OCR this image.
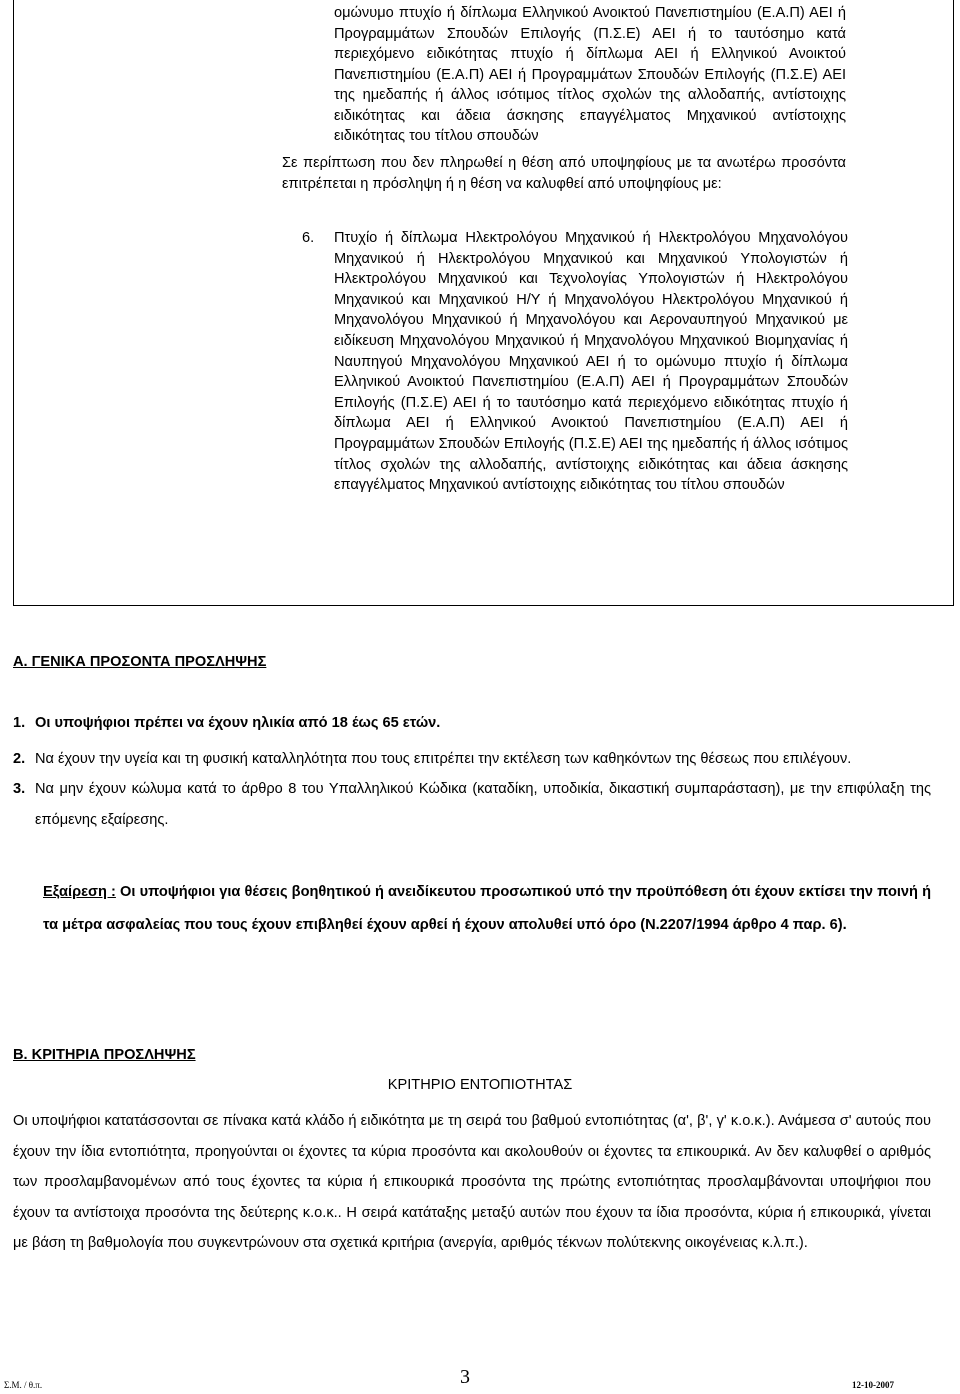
ομώνυμο πτυχίο ή δίπλωμα Ελληνικού Ανοικτού Πανεπιστημίου (Ε.Α.Π) ΑΕΙ ή Προγραμμάτων Σπουδών Επιλογής (Π.Σ.Ε) ΑΕΙ ή το ταυτόσημο κατά περιεχόμενο ειδικότητας πτυχίο ή δίπλωμα ΑΕΙ ή Ελληνικού Ανοικτού Πανεπιστημίου (Ε.Α.Π) ΑΕΙ ή Προγραμμάτων Σπουδών Επιλογής (Π.Σ.Ε) ΑΕΙ της ημεδαπής ή άλλος ισότιμος τίτλος σχολών της αλλοδαπής, αντίστοιχης ειδικότητας και άδεια άσκησης επαγγέλματος Μηχανικού αντίστοιχης ειδικότητας του τίτλου σπουδών

Σε περίπτωση που δεν πληρωθεί η θέση από υποψηφίους με τα ανωτέρω προσόντα επιτρέπεται η πρόσληψη ή η θέση να καλυφθεί από υποψηφίους με:

6. Πτυχίο ή δίπλωμα Ηλεκτρολόγου Μηχανικού ή Ηλεκτρολόγου Μηχανολόγου Μηχανικού ή Ηλεκτρολόγου Μηχανικού και Μηχανικού Υπολογιστών ή Ηλεκτρολόγου Μηχανικού και Τεχνολογίας Υπολογιστών ή Ηλεκτρολόγου Μηχανικού και Μηχανικού Η/Υ ή Μηχανολόγου Ηλεκτρολόγου Μηχανικού ή Μηχανολόγου Μηχανικού ή Μηχανολόγου και Αεροναυπηγού Μηχανικού με ειδίκευση Μηχανολόγου Μηχανικού ή Μηχανολόγου Μηχανικού Βιομηχανίας ή Ναυπηγού Μηχανολόγου Μηχανικού ΑΕΙ ή το ομώνυμο πτυχίο ή δίπλωμα Ελληνικού Ανοικτού Πανεπιστημίου (Ε.Α.Π) ΑΕΙ ή Προγραμμάτων Σπουδών Επιλογής (Π.Σ.Ε) ΑΕΙ ή το ταυτόσημο κατά περιεχόμενο ειδικότητας πτυχίο ή δίπλωμα ΑΕΙ ή Ελληνικού Ανοικτού Πανεπιστημίου (Ε.Α.Π) ΑΕΙ ή Προγραμμάτων Σπουδών Επιλογής (Π.Σ.Ε) ΑΕΙ της ημεδαπής ή άλλος ισότιμος τίτλος σχολών της αλλοδαπής, αντίστοιχης ειδικότητας και άδεια άσκησης επαγγέλματος Μηχανικού αντίστοιχης ειδικότητας του τίτλου σπουδών
Α. ΓΕΝΙΚΑ ΠΡΟΣΟΝΤΑ ΠΡΟΣΛΗΨΗΣ
1. Οι υποψήφιοι πρέπει να έχουν ηλικία από 18 έως 65 ετών.
2. Να έχουν την υγεία και τη φυσική καταλληλότητα που τους επιτρέπει την εκτέλεση των καθηκόντων της θέσεως που επιλέγουν.
3. Να μην έχουν κώλυμα κατά το άρθρο 8 του Υπαλληλικού Κώδικα (καταδίκη, υποδικία, δικαστική συμπαράσταση), με την επιφύλαξη της επόμενης εξαίρεσης.
Εξαίρεση : Οι υποψήφιοι για θέσεις βοηθητικού ή ανειδίκευτου προσωπικού υπό την προϋπόθεση ότι έχουν εκτίσει την ποινή ή τα μέτρα ασφαλείας που τους έχουν επιβληθεί έχουν αρθεί ή έχουν απολυθεί υπό όρο (Ν.2207/1994 άρθρο 4 παρ. 6).
Β. ΚΡΙΤΗΡΙΑ ΠΡΟΣΛΗΨΗΣ
ΚΡΙΤΗΡΙΟ ΕΝΤΟΠΙΟΤΗΤΑΣ
Οι υποψήφιοι κατατάσσονται σε πίνακα κατά κλάδο ή ειδικότητα με τη σειρά του βαθμού εντοπιότητας (α', β', γ' κ.ο.κ.). Ανάμεσα σ' αυτούς που έχουν την ίδια εντοπιότητα, προηγούνται οι έχοντες τα κύρια προσόντα και ακολουθούν οι έχοντες τα επικουρικά. Αν δεν καλυφθεί ο αριθμός των προσλαμβανομένων από τους έχοντες τα κύρια ή επικουρικά προσόντα της πρώτης εντοπιότητας προσλαμβάνονται υποψήφιοι που έχουν τα αντίστοιχα προσόντα της δεύτερης κ.ο.κ.. Η σειρά κατάταξης μεταξύ αυτών που έχουν τα ίδια προσόντα, κύρια ή επικουρικά, γίνεται με βάση τη βαθμολογία που συγκεντρώνουν στα σχετικά κριτήρια (ανεργία, αριθμός τέκνων πολύτεκνης οικογένειας κ.λ.π.).
Σ.Μ. / θ.π.	3	12-10-2007
